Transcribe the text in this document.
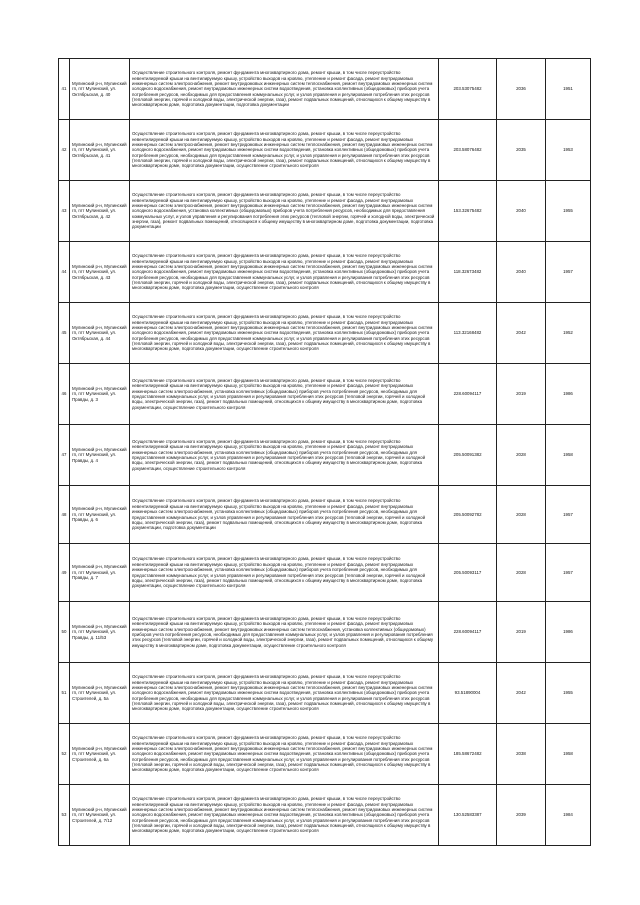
41	Мулинский р-н, Мулинский гп, пгт Мулинский, ул. Октябрьская, д. 40	Осуществление строительного контроля, ремонт фундамента многоквартирного дома, ремонт крыши, в том числе переустройство невентилируемой крыши на вентилируемую крышу, устройство выходов на кровлю, утепление и ремонт фасада, ремонт внутридомовых инженерных систем электроснабжения, ремонт внутридомовых инженерных систем теплоснабжения, ремонт внутридомовых инженерных систем холодного водоснабжения, ремонт внутридомовых инженерных систем водоотведения, установка коллективных (общедомовых) приборов учета потребления ресурсов, необходимых для предоставления коммунальных услуг, и узлов управления и регулирования потребления этих ресурсов (тепловой энергии, горячей и холодной воды, электрической энергии, газа), ремонт подвальных помещений, относящихся к общему имуществу в многоквартирном доме, подготовка документации, подготовка документации	203.53075482	2036	1951

42	Мулинский р-н, Мулинский гп, пгт Мулинский, ул. Октябрьская, д. 41	Осуществление строительного контроля, ремонт фундамента многоквартирного дома, ремонт крыши, в том числе переустройство невентилируемой крыши на вентилируемую крышу, устройство выходов на кровлю, утепление и ремонт фасада, ремонт внутридомовых инженерных систем электроснабжения, ремонт внутридомовых инженерных систем теплоснабжения, ремонт внутридомовых инженерных систем холодного водоснабжения, ремонт внутридомовых инженерных систем водоотведения, установка коллективных (общедомовых) приборов учета потребления ресурсов, необходимых для предоставления коммунальных услуг, и узлов управления и регулирования потребления этих ресурсов (тепловой энергии, горячей и холодной воды, электрической энергии, газа), ремонт подвальных помещений, относящихся к общему имуществу в многоквартирном доме, подготовка документации, осуществление строительного контроля	203.58076482	2035	1953

43	Мулинский р-н, Мулинский гп, пгт Мулинский, ул. Октябрьская, д. 42	Осуществление строительного контроля, ремонт фундамента многоквартирного дома, ремонт крыши, в том числе переустройство невентилируемой крыши на вентилируемую крышу, устройство выходов на кровлю, утепление и ремонт фасада, ремонт внутридомовых инженерных систем электроснабжения, ремонт внутридомовых инженерных систем теплоснабжения, ремонт внутридомовых инженерных систем холодного водоснабжения, установка коллективных (общедомовых) приборов учета потребления ресурсов, необходимых для предоставления коммунальных услуг, и узлов управления и регулирования потребления этих ресурсов (тепловой энергии, горячей и холодной воды, электрической энергии, газа), ремонт подвальных помещений, относящихся к общему имуществу в многоквартирном доме, подготовка документации, подготовка документации	153.32675482	2040	1955

44	Мулинский р-н, Мулинский гп, пгт Мулинский, ул. Октябрьская, д. 43	Осуществление строительного контроля, ремонт фундамента многоквартирного дома, ремонт крыши, в том числе переустройство невентилируемой крыши на вентилируемую крышу, устройство выходов на кровлю, утепление и ремонт фасада, ремонт внутридомовых инженерных систем электроснабжения, ремонт внутридомовых инженерных систем теплоснабжения, ремонт внутридомовых инженерных систем холодного водоснабжения, ремонт внутридомовых инженерных систем водоотведения, установка коллективных (общедомовых) приборов учета потребления ресурсов, необходимых для предоставления коммунальных услуг, и узлов управления и регулирования потребления этих ресурсов (тепловой энергии, горячей и холодной воды, электрической энергии, газа), ремонт подвальных помещений, относящихся к общему имуществу в многоквартирном доме, подготовка документации, осуществление строительного контроля	118.32673482	2040	1957

45	Мулинский р-н, Мулинский гп, пгт Мулинский, ул. Октябрьская, д. 44	Осуществление строительного контроля, ремонт фундамента многоквартирного дома, ремонт крыши, в том числе переустройство невентилируемой крыши на вентилируемую крышу, устройство выходов на кровлю, утепление и ремонт фасада, ремонт внутридомовых инженерных систем электроснабжения, ремонт внутридомовых инженерных систем теплоснабжения, ремонт внутридомовых инженерных систем холодного водоснабжения, ремонт внутридомовых инженерных систем водоотведения, установка коллективных (общедомовых) приборов учета потребления ресурсов, необходимых для предоставления коммунальных услуг, и узлов управления и регулирования потребления этих ресурсов (тепловой энергии, горячей и холодной воды, электрической энергии, газа), ремонт подвальных помещений, относящихся к общему имуществу в многоквартирном доме, подготовка документации, осуществление строительного контроля	113.32168482	2042	1952

46	Мулинский р-н, Мулинский гп, пгт Мулинский, ул. Правды, д. 3	Осуществление строительного контроля, ремонт фундамента многоквартирного дома, ремонт крыши, в том числе переустройство невентилируемой крыши на вентилируемую крышу, устройство выходов на кровлю, утепление и ремонт фасада, ремонт внутридомовых инженерных систем электроснабжения, установка коллективных (общедомовых) приборов учета потребления ресурсов, необходимых для предоставления коммунальных услуг, и узлов управления и регулирования потребления этих ресурсов (тепловой энергии, горячей и холодной воды, электрической энергии, газа), ремонт подвальных помещений, относящихся к общему имуществу в многоквартирном доме, подготовка документации, осуществление строительного контроля	228.60094117	2019	1986

47	Мулинский р-н, Мулинский гп, пгт Мулинский, ул. Правды, д. 4	Осуществление строительного контроля, ремонт фундамента многоквартирного дома, ремонт крыши, в том числе переустройство невентилируемой крыши на вентилируемую крышу, устройство выходов на кровлю, утепление и ремонт фасада, ремонт внутридомовых инженерных систем электроснабжения, установка коллективных (общедомовых) приборов учета потребления ресурсов, необходимых для предоставления коммунальных услуг, и узлов управления и регулирования потребления этих ресурсов (тепловой энергии, горячей и холодной воды, электрической энергии, газа), ремонт подвальных помещений, относящихся к общему имуществу в многоквартирном доме, подготовка документации, осуществление строительного контроля	205.50091382	2028	1958

48	Мулинский р-н, Мулинский гп, пгт Мулинский, ул. Правды, д. 6	Осуществление строительного контроля, ремонт фундамента многоквартирного дома, ремонт крыши, в том числе переустройство невентилируемой крыши на вентилируемую крышу, устройство выходов на кровлю, утепление и ремонт фасада, ремонт внутридомовых инженерных систем электроснабжения, установка коллективных (общедомовых) приборов учета потребления ресурсов, необходимых для предоставления коммунальных услуг, и узлов управления и регулирования потребления этих ресурсов (тепловой энергии, горячей и холодной воды, электрической энергии, газа), ремонт подвальных помещений, относящихся к общему имуществу в многоквартирном доме, подготовка документации, подготовка документации	205.50092782	2028	1957

49	Мулинский р-н, Мулинский гп, пгт Мулинский, ул. Правды, д. 7	Осуществление строительного контроля, ремонт фундамента многоквартирного дома, ремонт крыши, в том числе переустройство невентилируемой крыши на вентилируемую крышу, устройство выходов на кровлю, утепление и ремонт фасада, ремонт внутридомовых инженерных систем электроснабжения, установка коллективных (общедомовых) приборов учета потребления ресурсов, необходимых для предоставления коммунальных услуг, и узлов управления и регулирования потребления этих ресурсов (тепловой энергии, горячей и холодной воды, электрической энергии, газа), ремонт подвальных помещений, относящихся к общему имуществу в многоквартирном доме, подготовка документации, осуществление строительного контроля	205.50093117	2028	1957

50	Мулинский р-н, Мулинский гп, пгт Мулинский, ул. Правды, д. 11/53	Осуществление строительного контроля, ремонт фундамента многоквартирного дома, ремонт крыши, в том числе переустройство невентилируемой крыши на вентилируемую крышу, устройство выходов на кровлю, утепление и ремонт фасада, ремонт внутридомовых инженерных систем электроснабжения, ремонт внутридомовых инженерных систем теплоснабжения, установка коллективных (общедомовых) приборов учета потребления ресурсов, необходимых для предоставления коммунальных услуг, и узлов управления и регулирования потребления этих ресурсов (тепловой энергии, горячей и холодной воды, электрической энергии, газа), ремонт подвальных помещений, относящихся к общему имуществу в многоквартирном доме, подготовка документации, осуществление строительного контроля	228.60094117	2019	1986

51	Мулинский р-н, Мулинский гп, пгт Мулинский, ул. Строителей, д. 5а	Осуществление строительного контроля, ремонт фундамента многоквартирного дома, ремонт крыши, в том числе переустройство невентилируемой крыши на вентилируемую крышу, устройство выходов на кровлю, утепление и ремонт фасада, ремонт внутридомовых инженерных систем электроснабжения, ремонт внутридомовых инженерных систем теплоснабжения, ремонт внутридомовых инженерных систем холодного водоснабжения, ремонт внутридомовых инженерных систем водоотведения, установка коллективных (общедомовых) приборов учета потребления ресурсов, необходимых для предоставления коммунальных услуг, и узлов управления и регулирования потребления этих ресурсов (тепловой энергии, горячей и холодной воды, электрической энергии, газа), ремонт подвальных помещений, относящихся к общему имуществу в многоквартирном доме, подготовка документации, осуществление строительного контроля	93.51890004	2042	1955

52	Мулинский р-н, Мулинский гп, пгт Мулинский, ул. Строителей, д. 6а	Осуществление строительного контроля, ремонт фундамента многоквартирного дома, ремонт крыши, в том числе переустройство невентилируемой крыши на вентилируемую крышу, устройство выходов на кровлю, утепление и ремонт фасада, ремонт внутридомовых инженерных систем электроснабжения, ремонт внутридомовых инженерных систем теплоснабжения, ремонт внутридомовых инженерных систем холодного водоснабжения, ремонт внутридомовых инженерных систем водоотведения, установка коллективных (общедомовых) приборов учета потребления ресурсов, необходимых для предоставления коммунальных услуг, и узлов управления и регулирования потребления этих ресурсов (тепловой энергии, горячей и холодной воды, электрической энергии, газа), ремонт подвальных помещений, относящихся к общему имуществу в многоквартирном доме, подготовка документации, осуществление строительного контроля	185.58672482	2038	1958

53	Мулинский р-н, Мулинский гп, пгт Мулинский, ул. Строителей, д. 7/12	Осуществление строительного контроля, ремонт фундамента многоквартирного дома, ремонт крыши, в том числе переустройство невентилируемой крыши на вентилируемую крышу, устройство выходов на кровлю, утепление и ремонт фасада, ремонт внутридомовых инженерных систем электроснабжения, ремонт внутридомовых инженерных систем теплоснабжения, ремонт внутридомовых инженерных систем холодного водоснабжения, ремонт внутридомовых инженерных систем водоотведения, установка коллективных (общедомовых) приборов учета потребления ресурсов, необходимых для предоставления коммунальных услуг, и узлов управления и регулирования потребления этих ресурсов (тепловой энергии, горячей и холодной воды, электрической энергии, газа), ремонт подвальных помещений, относящихся к общему имуществу в многоквартирном доме, подготовка документации, осуществление строительного контроля	130.52583387	2039	1984
